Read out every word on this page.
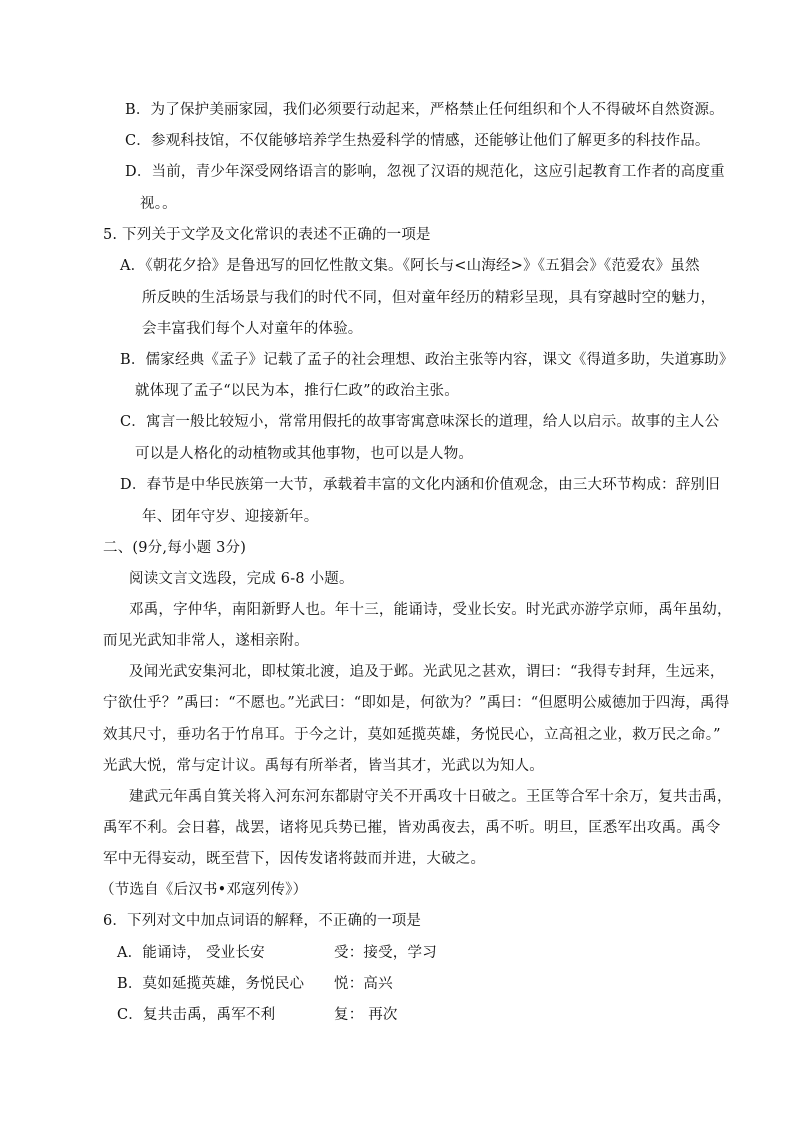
B．为了保护美丽家园，我们必须要行动起来，严格禁止任何组织和个人不得破坏自然资源。
C．参观科技馆，不仅能够培养学生热爱科学的情感，还能够让他们了解更多的科技作品。
D．当前，青少年深受网络语言的影响，忽视了汉语的规范化，这应引起教育工作者的高度重
视。。
5. 下列关于文学及文化常识的表述不正确的一项是
A．《朝花夕拾》是鲁迅写的回忆性散文集。《阿长与<山海经>》《五猖会》《范爱农》虽然
所反映的生活场景与我们的时代不同，但对童年经历的精彩呈现，具有穿越时空的魅力，
会丰富我们每个人对童年的体验。
B．儒家经典《孟子》记载了孟子的社会理想、政治主张等内容，课文《得道多助，失道寡助》
就体现了孟子“以民为本，推行仁政”的政治主张。
C．寓言一般比较短小，常常用假托的故事寄寓意味深长的道理，给人以启示。故事的主人公
可以是人格化的动植物或其他事物，也可以是人物。
D．春节是中华民族第一大节，承载着丰富的文化内涵和价值观念，由三大环节构成：辞别旧
年、团年守岁、迎接新年。
二、(9分,每小题 3分)
阅读文言文选段，完成 6-8 小题。
邓禹，字仲华，南阳新野人也。年十三，能诵诗，受业长安。时光武亦游学京师，禹年虽幼，
而见光武知非常人，遂相亲附。
及闻光武安集河北，即杖策北渡，追及于邺。光武见之甚欢，谓曰：“我得专封拜，生远来，
宁欲仕乎？”禹曰：“不愿也。”光武曰：“即如是，何欲为？”禹曰：“但愿明公威德加于四海，禹得
效其尺寸，垂功名于竹帛耳。于今之计，莫如延揽英雄，务悦民心，立高祖之业，救万民之命。”
光武大悦，常与定计议。禹每有所举者，皆当其才，光武以为知人。
建武元年禹自箕关将入河东河东都尉守关不开禹攻十日破之。王匡等合军十余万，复共击禹，
禹军不利。会日暮，战罢，诸将见兵势已摧，皆劝禹夜去，禹不听。明旦，匡悉军出攻禹。禹令
军中无得妄动，既至营下，因传发诸将鼓而并进，大破之。
（节选自《后汉书•邓寇列传》）
6．下列对文中加点词语的解释，不正确的一项是
A．能诵诗， 受业长安	受：接受，学习
B．莫如延揽英雄，务悦民心 悦：高兴
C．复共击禹，禹军不利	复： 再次
